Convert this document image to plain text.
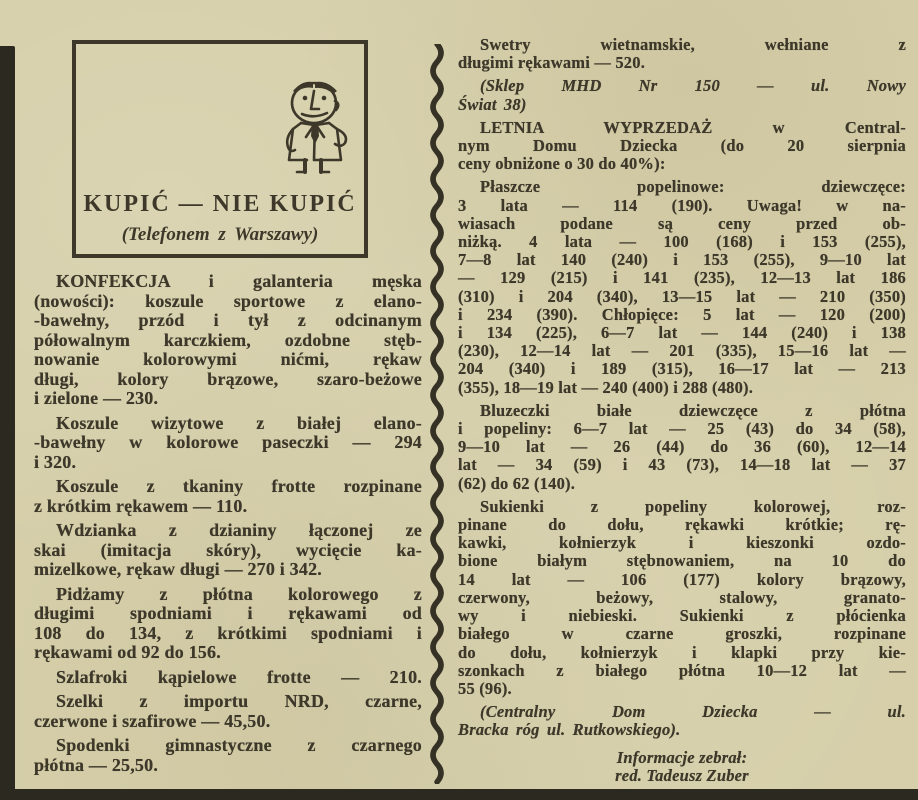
KUPIĆ — NIE KUPIĆ
(Telefonem z Warszawy)
KONFEKCJA i galanteria męska
(nowości): koszule sportowe z elano-
-bawełny, przód i tył z odcinanym
półowalnym karczkiem, ozdobne stęb-
nowanie kolorowymi nićmi, rękaw
długi, kolory brązowe, szaro-beżowe
i zielone — 230.
Koszule wizytowe z białej elano-
-bawełny w kolorowe paseczki — 294
i 320.
Koszule z tkaniny frotte rozpinane
z krótkim rękawem — 110.
Wdzianka z dzianiny łączonej ze
skai (imitacja skóry), wycięcie ka-
mizelkowe, rękaw długi — 270 i 342.
Pidżamy z płótna kolorowego z
długimi spodniami i rękawami od
108 do 134, z krótkimi spodniami i
rękawami od 92 do 156.
Szlafroki kąpielowe frotte — 210.
Szelki z importu NRD, czarne,
czerwone i szafirowe — 45,50.
Spodenki gimnastyczne z czarnego
płótna — 25,50.
Swetry wietnamskie, wełniane z
długimi rękawami — 520.
(Sklep MHD Nr 150 — ul. Nowy
Świat 38)
LETNIA WYPRZEDAŻ w Central-
nym Domu Dziecka (do 20 sierpnia
ceny obniżone o 30 do 40%):
Płaszcze popelinowe: dziewczęce:
3 lata — 114 (190). Uwaga! w na-
wiasach podane są ceny przed ob-
niżką. 4 lata — 100 (168) i 153 (255),
7—8 lat 140 (240) i 153 (255), 9—10 lat
— 129 (215) i 141 (235), 12—13 lat 186
(310) i 204 (340), 13—15 lat — 210 (350)
i 234 (390). Chłopięce: 5 lat — 120 (200)
i 134 (225), 6—7 lat — 144 (240) i 138
(230), 12—14 lat — 201 (335), 15—16 lat —
204 (340) i 189 (315), 16—17 lat — 213
(355), 18—19 lat — 240 (400) i 288 (480).
Bluzeczki białe dziewczęce z płótna
i popeliny: 6—7 lat — 25 (43) do 34 (58),
9—10 lat — 26 (44) do 36 (60), 12—14
lat — 34 (59) i 43 (73), 14—18 lat — 37
(62) do 62 (140).
Sukienki z popeliny kolorowej, roz-
pinane do dołu, rękawki krótkie; rę-
kawki, kołnierzyk i kieszonki ozdo-
bione białym stębnowaniem, na 10 do
14 lat — 106 (177) kolory brązowy,
czerwony, beżowy, stalowy, granato-
wy i niebieski. Sukienki z płócienka
białego w czarne groszki, rozpinane
do dołu, kołnierzyk i klapki przy kie-
szonkach z białego płótna 10—12 lat —
55 (96).
(Centralny Dom Dziecka — ul.
Bracka róg ul. Rutkowskiego).
Informacje zebrał:
red. Tadeusz Zuber
